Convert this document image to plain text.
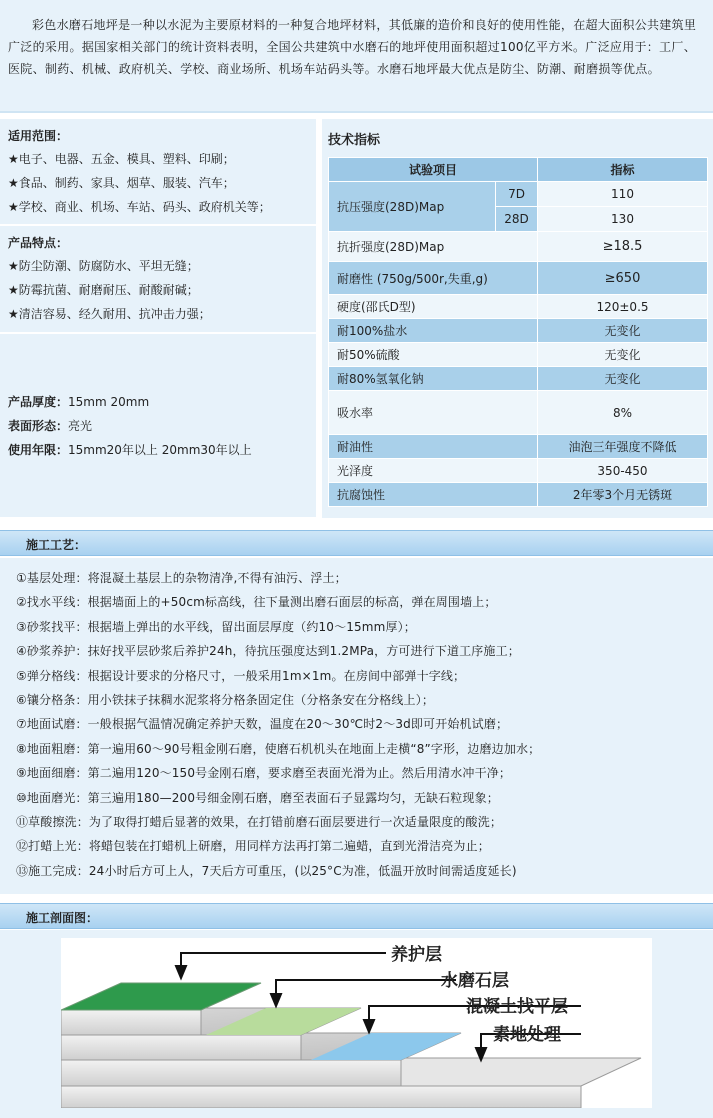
彩色水磨石地坪是一种以水泥为主要原材料的一种复合地坪材料，其低廉的造价和良好的使用性能，在超大面积公共建筑里广泛的采用。据国家相关部门的统计资料表明，全国公共建筑中水磨石的地坪使用面积超过100亿平方米。广泛应用于：工厂、医院、制药、机械、政府机关、学校、商业场所、机场车站码头等。水磨石地坪最大优点是防尘、防潮、耐磨损等优点。

适用范围：
★电子、电器、五金、模具、塑料、印刷；
★食品、制药、家具、烟草、服装、汽车；
★学校、商业、机场、车站、码头、政府机关等；
产品特点：
★防尘防潮、防腐防水、平坦无缝；
★防霉抗菌、耐磨耐压、耐酸耐碱；
★清洁容易、经久耐用、抗冲击力强；
产品厚度：15mm 20mm
表面形态：亮光
使用年限：15mm20年以上 20mm30年以上
技术指标
试验项目		指标
抗压强度(28D)Map	7D	110
	28D	130
抗折强度(28D)Map		≥18.5
耐磨性 (750g/500r,失重,g)		≥650
硬度(邵氏D型)		120±0.5
耐100%盐水		无变化
耐50%硫酸		无变化
耐80%氢氧化钠		无变化
吸水率		8%
耐油性		油泡三年强度不降低
光泽度		350-450
抗腐蚀性		2年零3个月无锈斑
施工工艺：
①基层处理：将混凝土基层上的杂物清净,不得有油污、浮土；
②找水平线：根据墙面上的+50cm标高线，往下量测出磨石面层的标高，弹在周围墙上；
③砂浆找平：根据墙上弹出的水平线，留出面层厚度（约10～15mm厚）；
④砂浆养护：抹好找平层砂浆后养护24h，待抗压强度达到1.2MPa，方可进行下道工序施工；
⑤弹分格线：根据设计要求的分格尺寸，一般采用1m×1m。在房间中部弹十字线；
⑥镶分格条：用小铁抹子抹稠水泥浆将分格条固定住（分格条安在分格线上）；
⑦地面试磨：一般根据气温情况确定养护天数，温度在20～30℃时2～3d即可开始机试磨；
⑧地面粗磨：第一遍用60～90号粗金刚石磨，使磨石机机头在地面上走横“8”字形，边磨边加水；
⑨地面细磨：第二遍用120～150号金刚石磨，要求磨至表面光滑为止。然后用清水冲干净；
⑩地面磨光：第三遍用180—200号细金刚石磨，磨至表面石子显露均匀，无缺石粒现象；
⑪草酸擦洗：为了取得打蜡后显著的效果，在打错前磨石面层要进行一次适量限度的酸洗；
⑫打蜡上光：将蜡包装在打蜡机上研磨，用同样方法再打第二遍蜡，直到光滑洁亮为止；
⑬施工完成：24小时后方可上人，7天后方可重压，(以25°C为准，低温开放时间需适度延长)
施工剖面图：
养护层
水磨石层
混凝土找平层
素地处理
